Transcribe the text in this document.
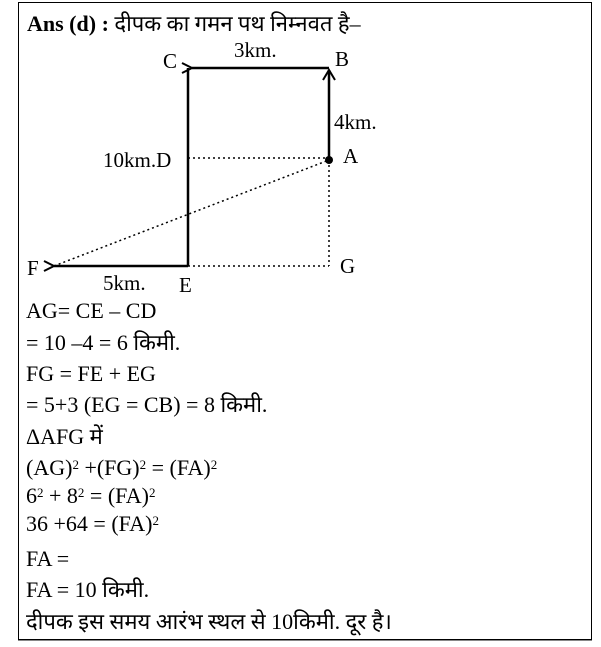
Ans (d) : दीपक का गमन पथ निम्नवत है–
C	B
3km.
4km.
A
10km.D
F	G
5km. E
AG= CE – CD
= 10 –4 = 6 किमी.
FG = FE + EG
= 5+3 (EG = CB) = 8 किमी.
ΔAFG में
(AG)$^2$ +(FG)$^2$ = (FA)$^2$
$6^2 + 8^2 = (FA)^2$
36 +64 = (FA)$^2$
FA =
FA = 10 किमी.
दीपक इस समय आरंभ स्थल से 10किमी. दूर है।
